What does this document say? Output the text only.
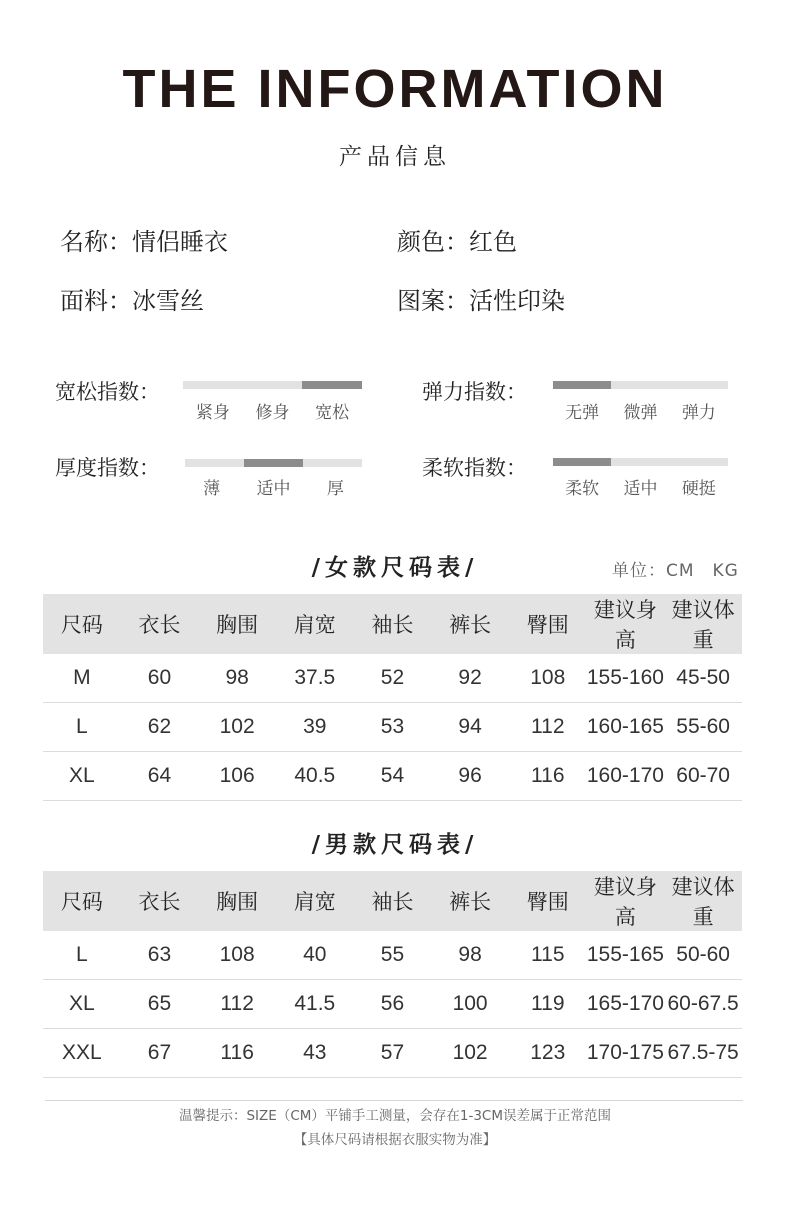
THE INFORMATION
产品信息
名称：情侣睡衣	颜色：红色
面料：冰雪丝	图案：活性印染
宽松指数：
紧身 修身 宽松
弹力指数：
无弹 微弹 弹力
厚度指数：
薄 适中 厚
柔软指数：
柔软 适中 硬挺
/女款尺码表/	单位：CM　KG
尺码	衣长	胸围	肩宽	袖长	裤长	臀围	建议身高	建议体重
M	60	98	37.5	52	92	108	155-160	45-50
L	62	102	39	53	94	112	160-165	55-60
XL	64	106	40.5	54	96	116	160-170	60-70
/男款尺码表/
尺码	衣长	胸围	肩宽	袖长	裤长	臀围	建议身高	建议体重
L	63	108	40	55	98	115	155-165	50-60
XL	65	112	41.5	56	100	119	165-170	60-67.5
XXL	67	116	43	57	102	123	170-175	67.5-75
温馨提示：SIZE（CM）平铺手工测量，会存在1-3CM误差属于正常范围
【具体尺码请根据衣服实物为准】
